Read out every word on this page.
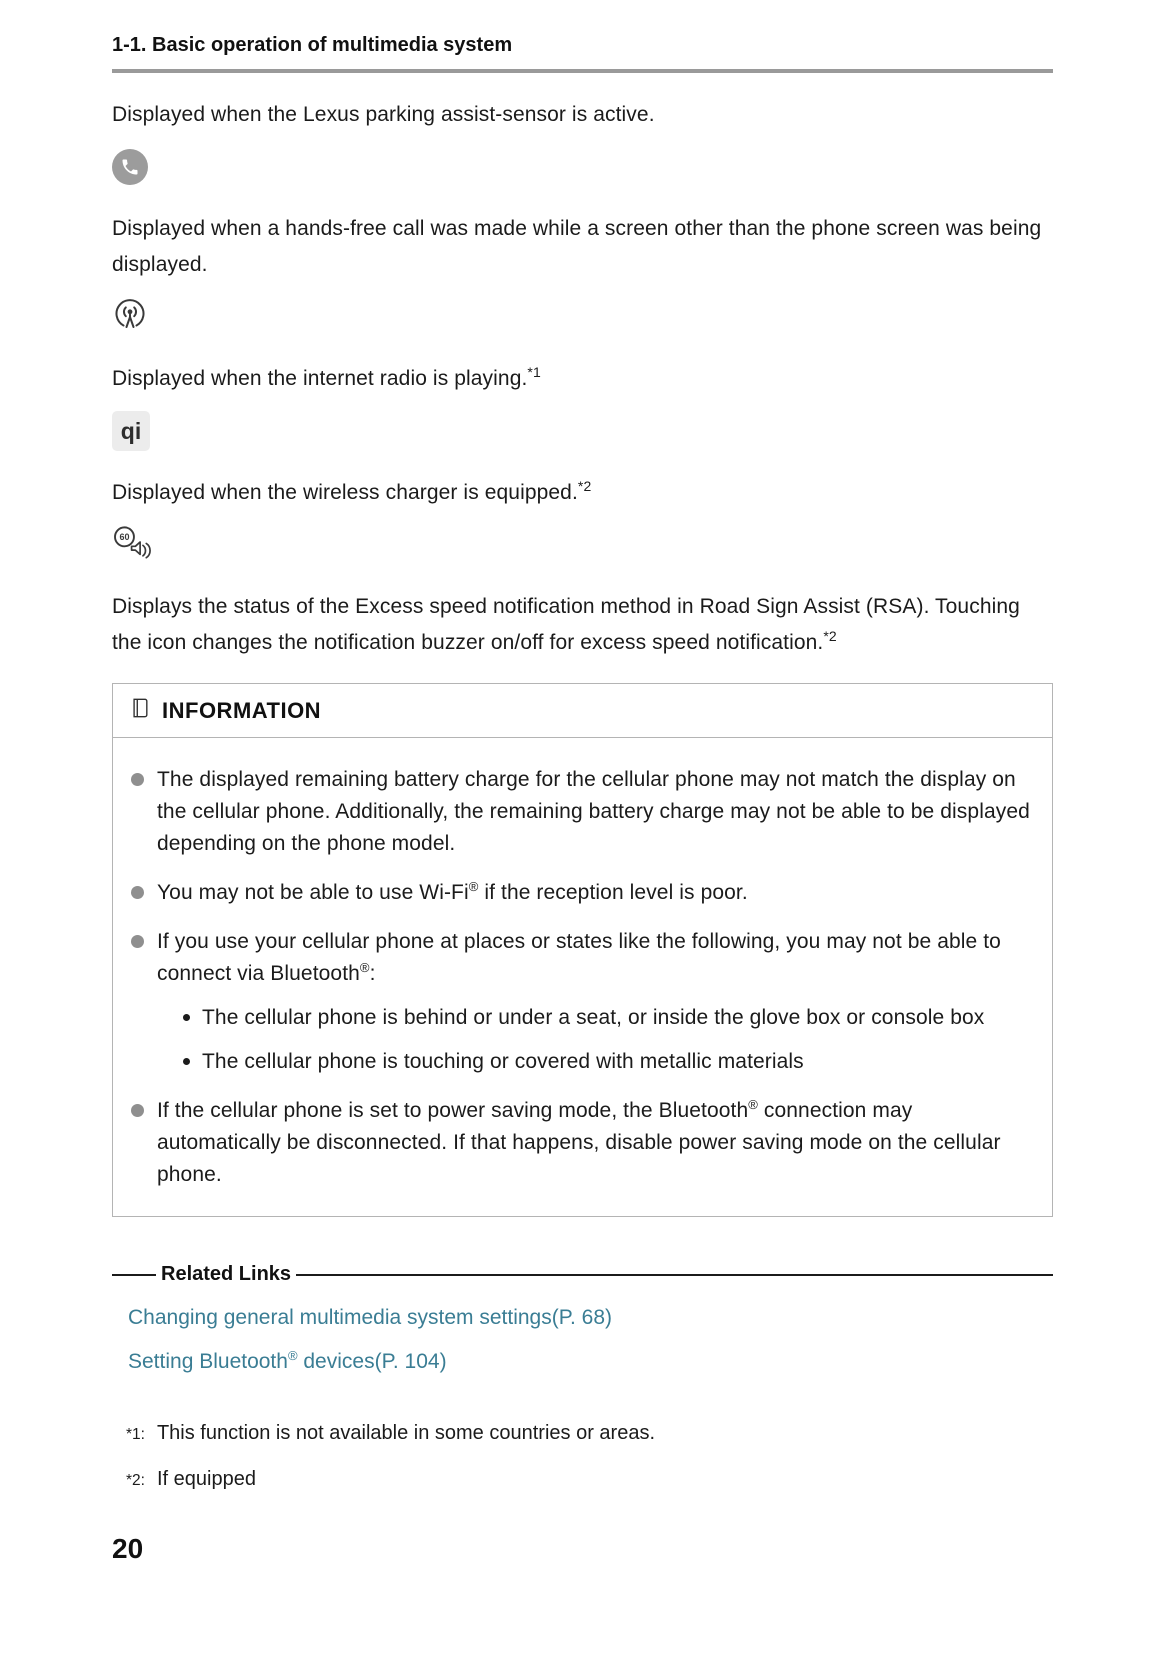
1-1. Basic operation of multimedia system

Displayed when the Lexus parking assist-sensor is active.

Displayed when a hands-free call was made while a screen other than the phone screen was being displayed.

Displayed when the internet radio is playing.$^{*1}$

qi

Displayed when the wireless charger is equipped.$^{*2}$

60

Displays the status of the Excess speed notification method in Road Sign Assist (RSA). Touching the icon changes the notification buzzer on/off for excess speed notification.$^{*2}$

INFORMATION
The displayed remaining battery charge for the cellular phone may not match the display on the cellular phone. Additionally, the remaining battery charge may not be able to be displayed depending on the phone model.
You may not be able to use Wi-Fi® if the reception level is poor.
If you use your cellular phone at places or states like the following, you may not be able to connect via Bluetooth®:
The cellular phone is behind or under a seat, or inside the glove box or console box
The cellular phone is touching or covered with metallic materials
If the cellular phone is set to power saving mode, the Bluetooth® connection may automatically be disconnected. If that happens, disable power saving mode on the cellular phone.
Related Links
Changing general multimedia system settings(P. 68)
Setting Bluetooth® devices(P. 104)
*1: This function is not available in some countries or areas.
*2: If equipped
20
